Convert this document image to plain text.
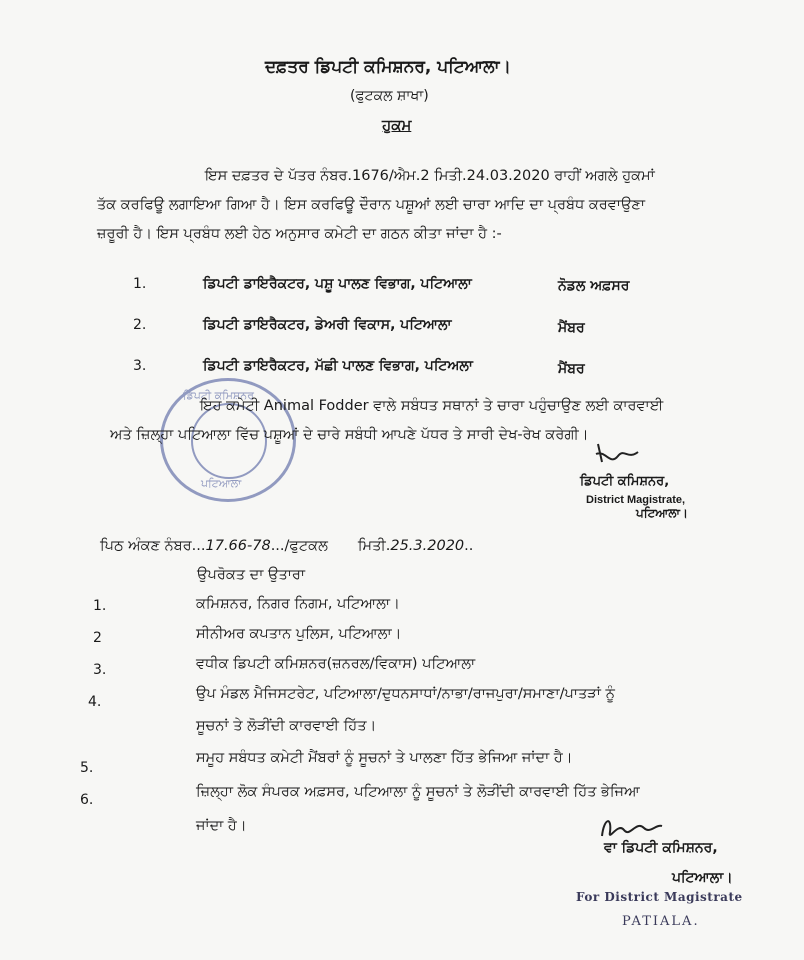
ਦਫ਼ਤਰ ਡਿਪਟੀ ਕਮਿਸ਼ਨਰ, ਪਟਿਆਲਾ।
(ਫੁਟਕਲ ਸ਼ਾਖਾ)
ਹੁਕਮ
ਇਸ ਦਫ਼ਤਰ ਦੇ ਪੱਤਰ ਨੰਬਰ.1676/ਐਮ.2 ਮਿਤੀ.24.03.2020 ਰਾਹੀਂ ਅਗਲੇ ਹੁਕਮਾਂ
ਤੱਕ ਕਰਫਿਊ ਲਗਾਇਆ ਗਿਆ ਹੈ। ਇਸ ਕਰਫਿਊ ਦੌਰਾਨ ਪਸ਼ੂਆਂ ਲਈ ਚਾਰਾ ਆਦਿ ਦਾ ਪ੍ਰਬੰਧ ਕਰਵਾਉਣਾ
ਜ਼ਰੂਰੀ ਹੈ। ਇਸ ਪ੍ਰਬੰਧ ਲਈ ਹੇਠ ਅਨੁਸਾਰ ਕਮੇਟੀ ਦਾ ਗਠਨ ਕੀਤਾ ਜਾਂਦਾ ਹੈ :-
1.	ਡਿਪਟੀ ਡਾਇਰੈਕਟਰ, ਪਸ਼ੂ ਪਾਲਣ ਵਿਭਾਗ, ਪਟਿਆਲਾ	ਨੋਡਲ ਅਫ਼ਸਰ
2.	ਡਿਪਟੀ ਡਾਇਰੈਕਟਰ, ਡੇਅਰੀ ਵਿਕਾਸ, ਪਟਿਆਲਾ	ਮੈਂਬਰ
3.	ਡਿਪਟੀ ਡਾਇਰੈਕਟਰ, ਮੱਛੀ ਪਾਲਣ ਵਿਭਾਗ, ਪਟਿਅਲਾ	ਮੈਂਬਰ
ਡਿਪਟੀ ਕਮਿਸ਼ਨਰ
ਪਟਿਆਲਾ
ਇਹ ਕਮੇਟੀ Animal Fodder ਵਾਲੇ ਸਬੰਧਤ ਸਥਾਨਾਂ ਤੇ ਚਾਰਾ ਪਹੁੰਚਾਉਣ ਲਈ ਕਾਰਵਾਈ
ਅਤੇ ਜ਼ਿਲ੍ਹਾ ਪਟਿਆਲਾ ਵਿੱਚ ਪਸ਼ੂਆਂ ਦੇ ਚਾਰੇ ਸਬੰਧੀ ਆਪਣੇ ਪੱਧਰ ਤੇ ਸਾਰੀ ਦੇਖ-ਰੇਖ ਕਰੇਗੀ।
ਡਿਪਟੀ ਕਮਿਸ਼ਨਰ,
District Magistrate,
ਪਟਿਆਲਾ।
ਪਿਠ ਅੰਕਣ ਨੰਬਰ...17.66-78.../ਫੁਟਕਲ ਮਿਤੀ.25.3.2020..
ਉਪਰੋਕਤ ਦਾ ਉਤਾਰਾ
1.	ਕਮਿਸ਼ਨਰ, ਨਿਗਰ ਨਿਗਮ, ਪਟਿਆਲਾ।
2	ਸੀਨੀਅਰ ਕਪਤਾਨ ਪੁਲਿਸ, ਪਟਿਆਲਾ।
3.	ਵਧੀਕ ਡਿਪਟੀ ਕਮਿਸ਼ਨਰ(ਜ਼ਨਰਲ/ਵਿਕਾਸ) ਪਟਿਆਲਾ
4.	ਉਪ ਮੰਡਲ ਮੈਜਿਸਟਰੇਟ, ਪਟਿਆਲਾ/ਦੁਧਨਸਾਧਾਂ/ਨਾਭਾ/ਰਾਜਪੁਰਾ/ਸਮਾਣਾ/ਪਾਤੜਾਂ ਨੂੰ
ਸੂਚਨਾਂ ਤੇ ਲੋੜੀਂਦੀ ਕਾਰਵਾਈ ਹਿੱਤ।
5.
ਸਮੂਹ ਸਬੰਧਤ ਕਮੇਟੀ ਮੈਂਬਰਾਂ ਨੂੰ ਸੂਚਨਾਂ ਤੇ ਪਾਲਣਾ ਹਿੱਤ ਭੇਜਿਆ ਜਾਂਦਾ ਹੈ।
6.	ਜ਼ਿਲ੍ਹਾ ਲੋਕ ਸੰਪਰਕ ਅਫ਼ਸਰ, ਪਟਿਆਲਾ ਨੂੰ ਸੂਚਨਾਂ ਤੇ ਲੋੜੀਂਦੀ ਕਾਰਵਾਈ ਹਿੱਤ ਭੇਜਿਆ
ਜਾਂਦਾ ਹੈ।
ਵਾ ਡਿਪਟੀ ਕਮਿਸ਼ਨਰ,
ਪਟਿਆਲਾ।
For District Magistrate
PATIALA.
